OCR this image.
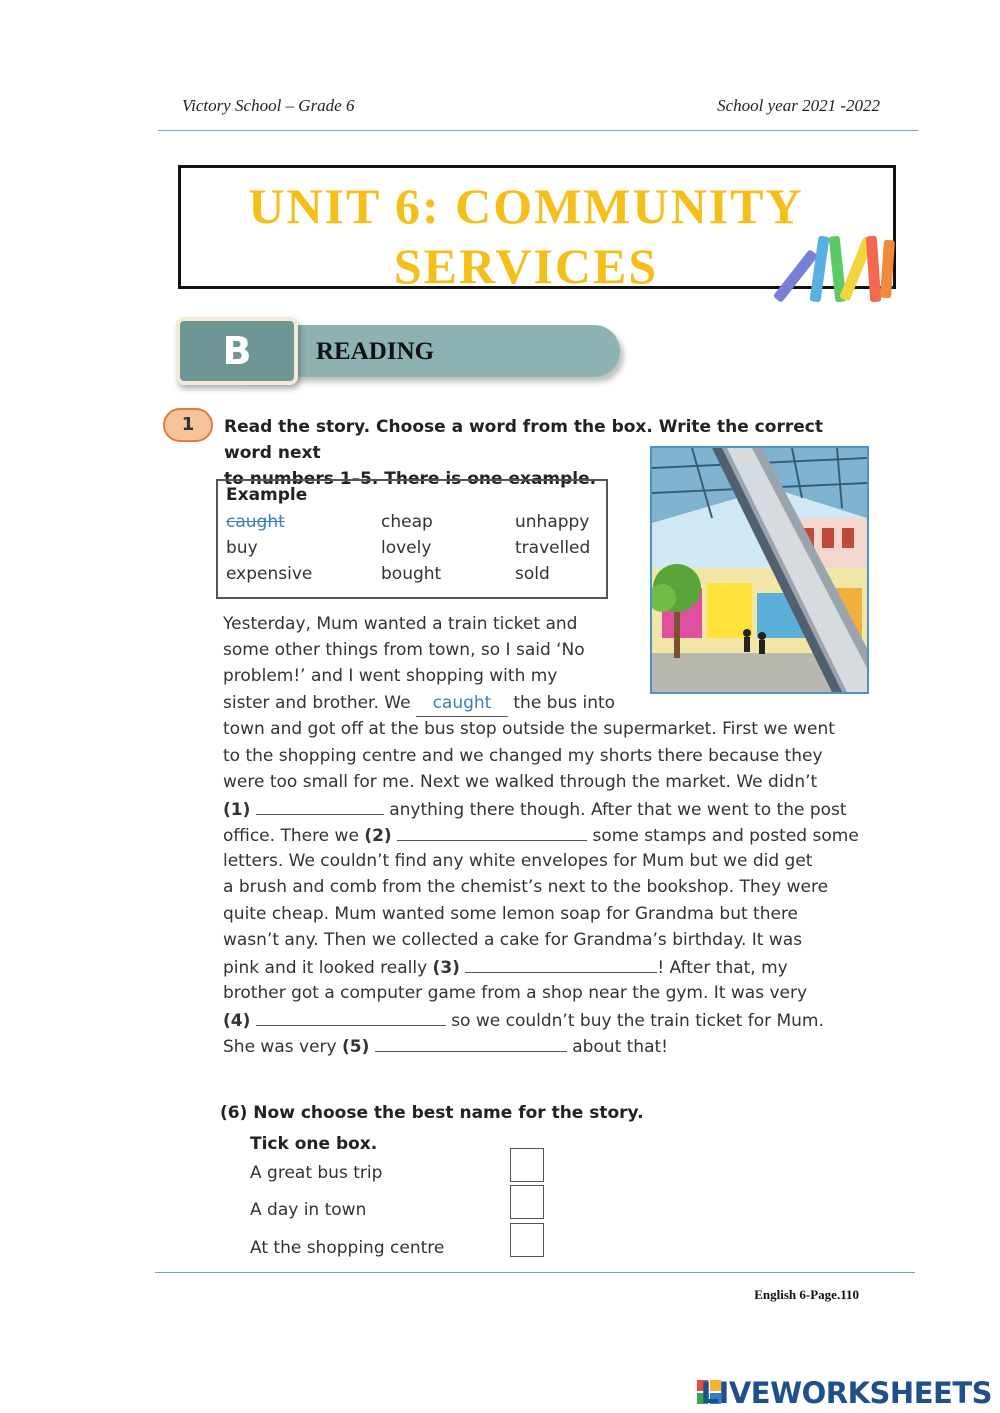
Victory School – Grade 6	School year 2021 -2022
UNIT 6: COMMUNITY
SERVICES
B	READING
1	Read the story. Choose a word from the box. Write the correct word next
to numbers 1–5. There is one example.
Example
caught	cheap	unhappy
buy	lovely	travelled
expensive	bought	sold
Yesterday, Mum wanted a train ticket and
some other things from town, so I said ‘No
problem!’ and I went shopping with my
sister and brother. We caught the bus into
town and got off at the bus stop outside the supermarket. First we went
to the shopping centre and we changed my shorts there because they
were too small for me. Next we walked through the market. We didn’t
(1)	anything there though. After that we went to the post
office. There we (2)	some stamps and posted some
letters. We couldn’t find any white envelopes for Mum but we did get
a brush and comb from the chemist’s next to the bookshop. They were
quite cheap. Mum wanted some lemon soap for Grandma but there
wasn’t any. Then we collected a cake for Grandma’s birthday. It was
pink and it looked really (3)	! After that, my
brother got a computer game from a shop near the gym. It was very
(4)	so we couldn’t buy the train ticket for Mum.
She was very (5)	about that!
(6) Now choose the best name for the story.
Tick one box.
A great bus trip
A day in town
At the shopping centre
English 6-Page.110
LIVEWORKSHEETS
